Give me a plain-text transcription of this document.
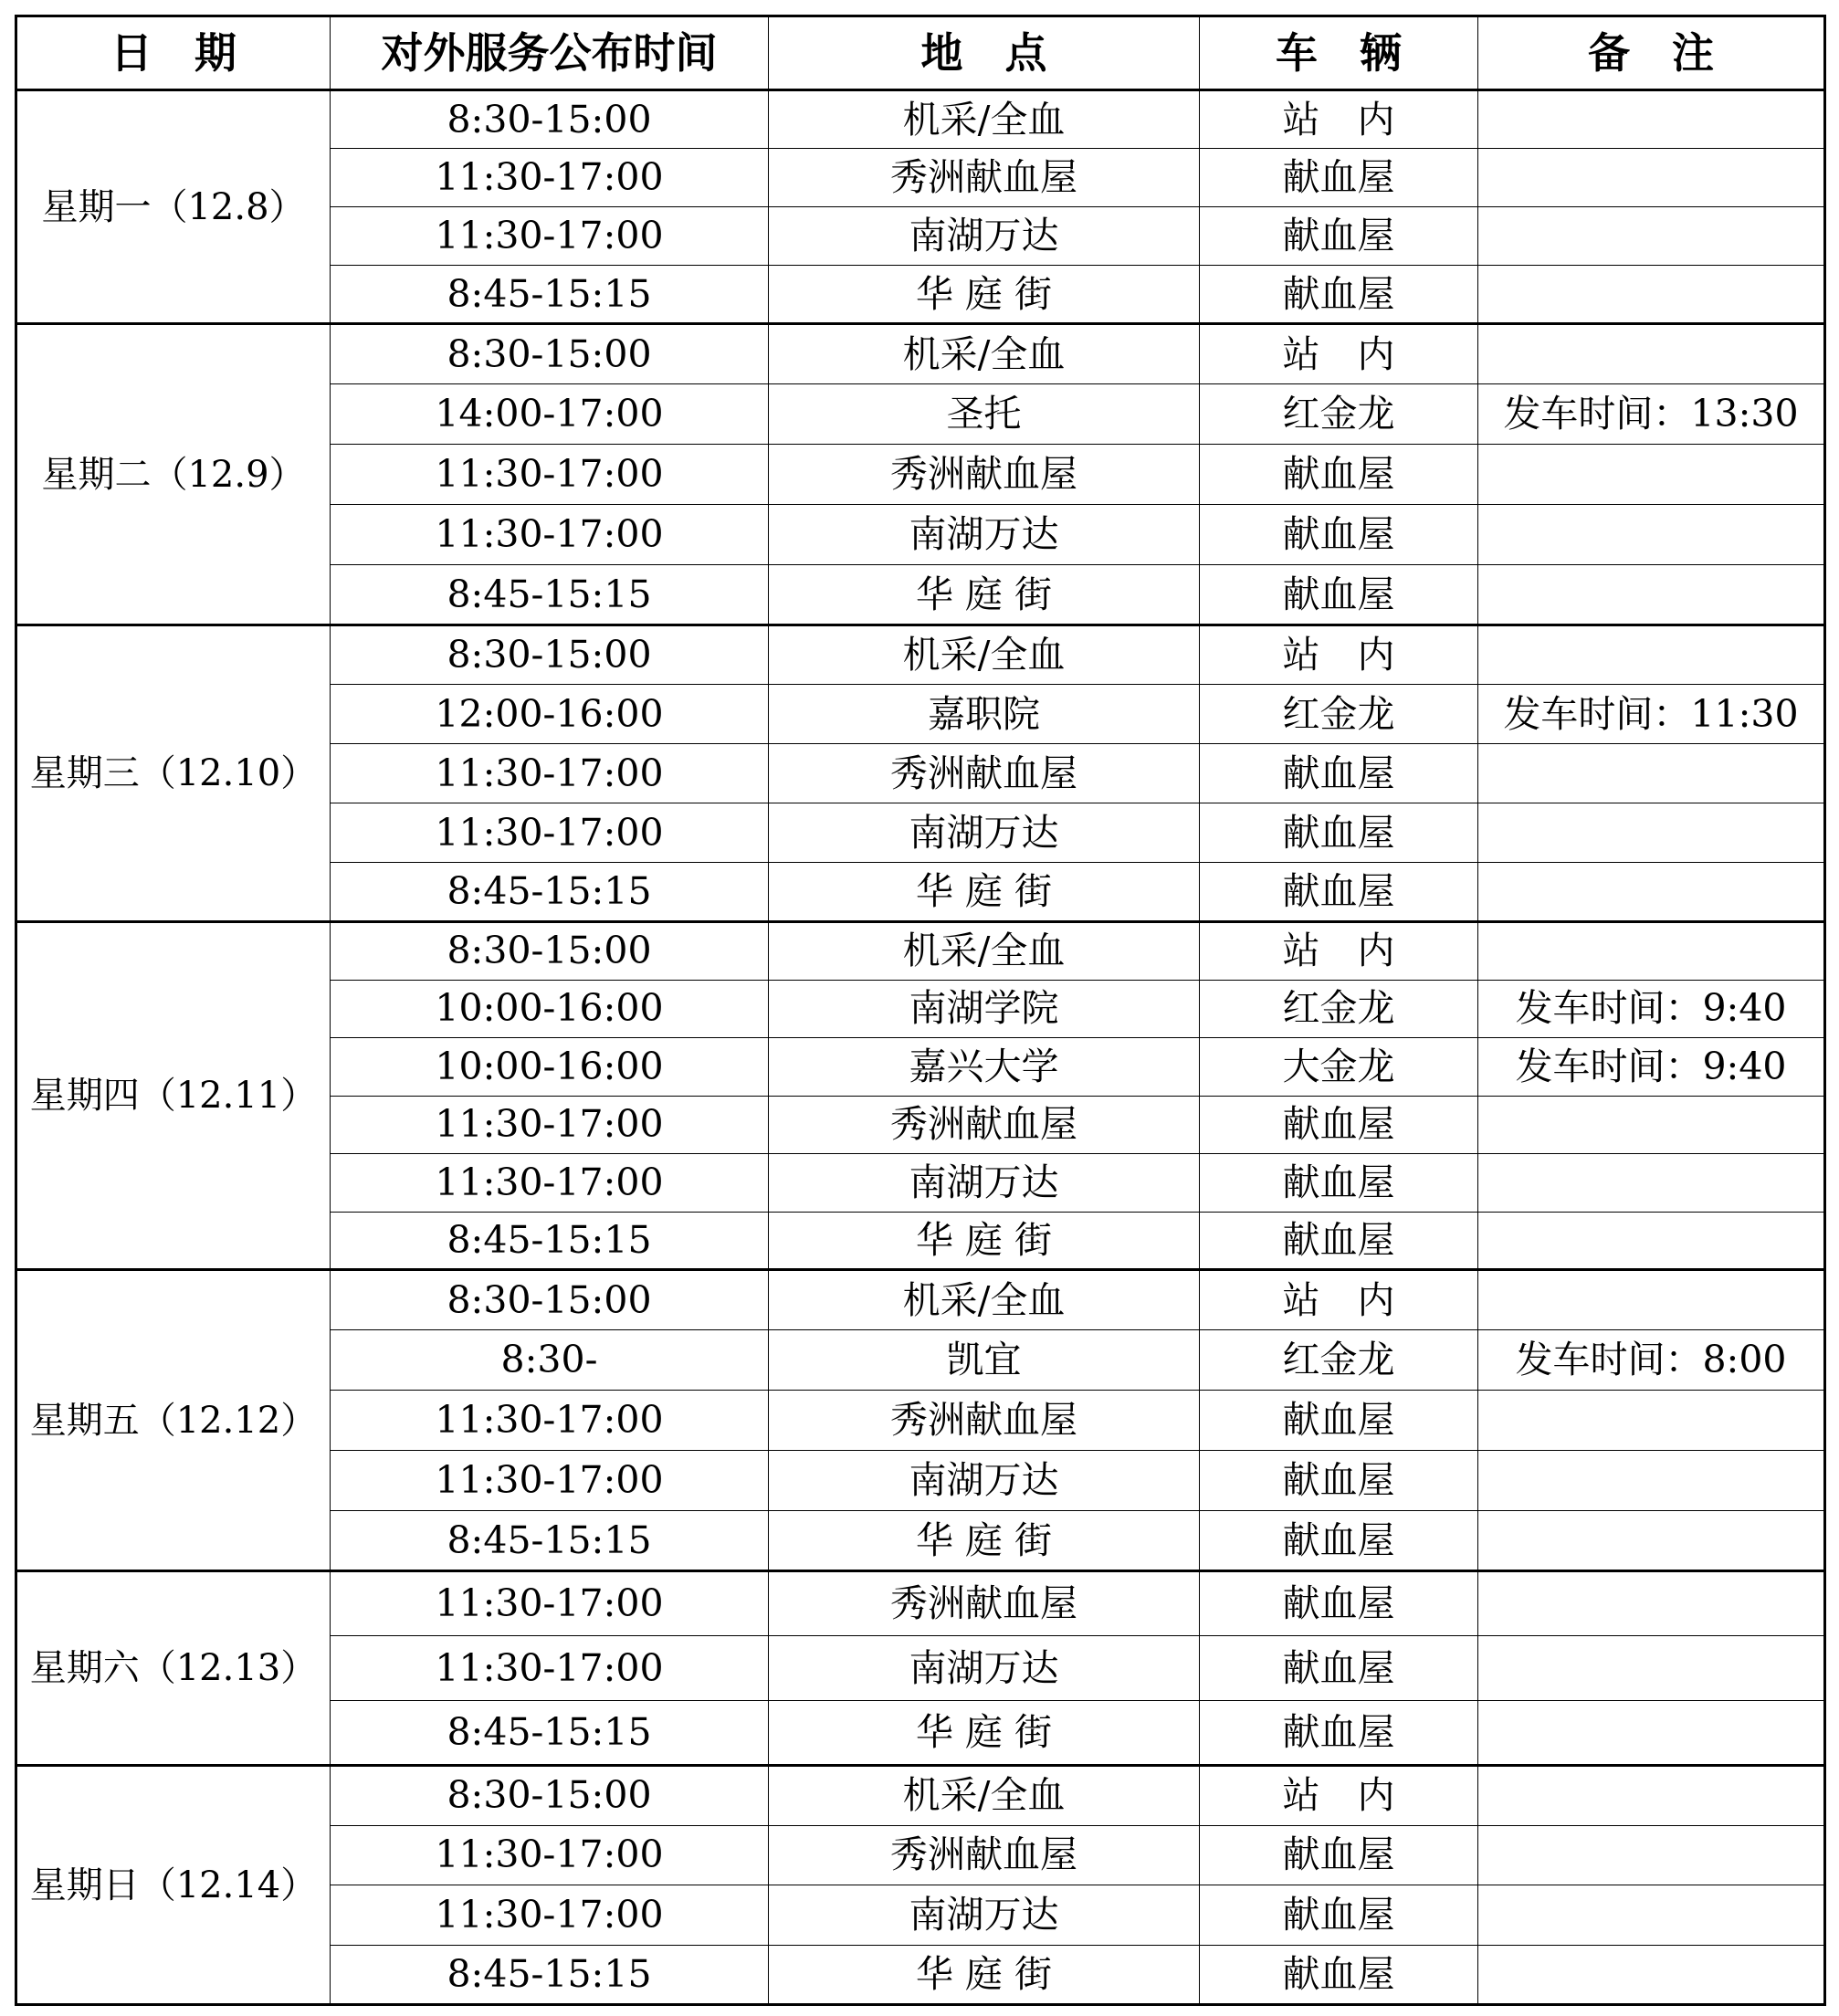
日　期	对外服务公布时间	地　点	车　辆	备　注
星期一（12.8）	8:30-15:00	机采/全血	站　内	
	11:30-17:00	秀洲献血屋	献血屋	
	11:30-17:00	南湖万达	献血屋	
	8:45-15:15	华 庭 街	献血屋	
星期二（12.9）	8:30-15:00	机采/全血	站　内	
	14:00-17:00	圣托	红金龙	发车时间：13:30
	11:30-17:00	秀洲献血屋	献血屋	
	11:30-17:00	南湖万达	献血屋	
	8:45-15:15	华 庭 街	献血屋	
星期三（12.10）	8:30-15:00	机采/全血	站　内	
	12:00-16:00	嘉职院	红金龙	发车时间：11:30
	11:30-17:00	秀洲献血屋	献血屋	
	11:30-17:00	南湖万达	献血屋	
	8:45-15:15	华 庭 街	献血屋	
星期四（12.11）	8:30-15:00	机采/全血	站　内	
	10:00-16:00	南湖学院	红金龙	发车时间：9:40
	10:00-16:00	嘉兴大学	大金龙	发车时间：9:40
	11:30-17:00	秀洲献血屋	献血屋	
	11:30-17:00	南湖万达	献血屋	
	8:45-15:15	华 庭 街	献血屋	
星期五（12.12）	8:30-15:00	机采/全血	站　内	
	8:30-	凯宜	红金龙	发车时间：8:00
	11:30-17:00	秀洲献血屋	献血屋	
	11:30-17:00	南湖万达	献血屋	
	8:45-15:15	华 庭 街	献血屋	
星期六（12.13）	11:30-17:00	秀洲献血屋	献血屋	
	11:30-17:00	南湖万达	献血屋	
	8:45-15:15	华 庭 街	献血屋	
星期日（12.14）	8:30-15:00	机采/全血	站　内	
	11:30-17:00	秀洲献血屋	献血屋	
	11:30-17:00	南湖万达	献血屋	
	8:45-15:15	华 庭 街	献血屋	
